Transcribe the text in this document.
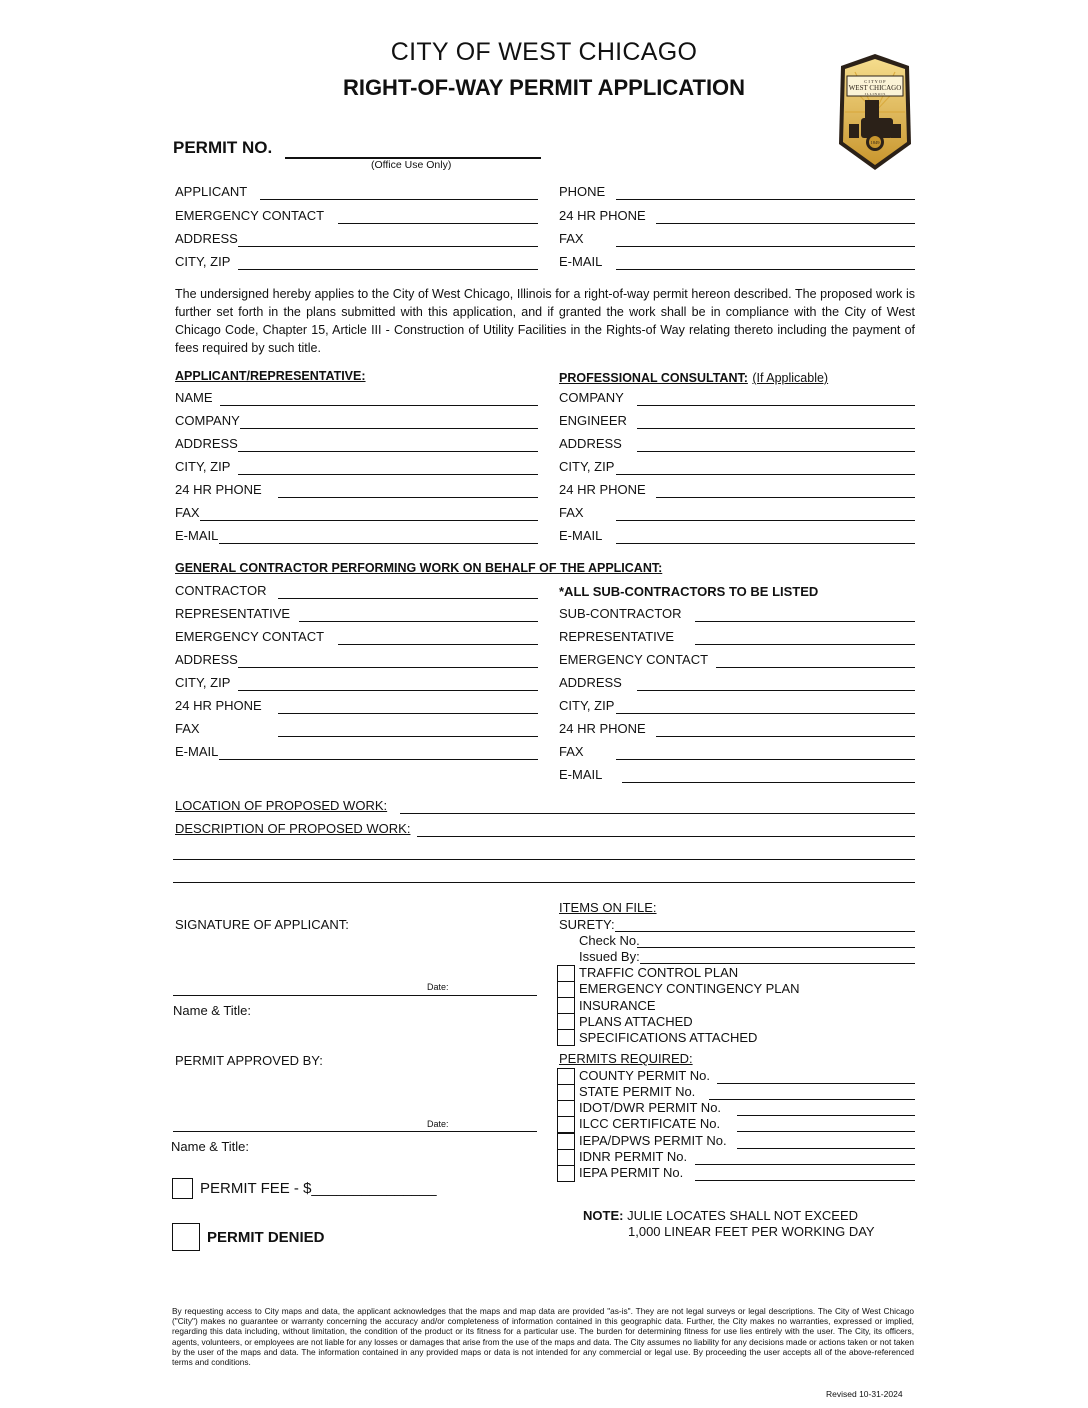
CITY OF WEST CHICAGO
RIGHT-OF-WAY PERMIT APPLICATION	C I T Y O F
WEST CHICAGO
I L L I N O I S
1849
PERMIT NO.
(Office Use Only)
APPLICANT
EMERGENCY CONTACT
ADDRESS
CITY, ZIP
PHONE
24 HR PHONE
FAX
E-MAIL
The undersigned hereby applies to the City of West Chicago, Illinois for a right-of-way permit hereon described. The proposed work is further set forth in the plans submitted with this application, and if granted the work shall be in compliance with the City of West Chicago Code, Chapter 15, Article III - Construction of Utility Facilities in the Rights-of Way relating thereto including the payment of fees required by such title.
APPLICANT/REPRESENTATIVE:
NAME
COMPANY
ADDRESS
CITY, ZIP
24 HR PHONE
FAX
E-MAIL
PROFESSIONAL CONSULTANT: (If Applicable)
COMPANY
ENGINEER
ADDRESS
CITY, ZIP
24 HR PHONE
FAX
E-MAIL
GENERAL CONTRACTOR PERFORMING WORK ON BEHALF OF THE APPLICANT:
CONTRACTOR
REPRESENTATIVE
EMERGENCY CONTACT
ADDRESS
CITY, ZIP
24 HR PHONE
FAX
E-MAIL
*ALL SUB-CONTRACTORS TO BE LISTED
SUB-CONTRACTOR
REPRESENTATIVE
EMERGENCY CONTACT
ADDRESS
CITY, ZIP
24 HR PHONE
FAX
E-MAIL
LOCATION OF PROPOSED WORK:
DESCRIPTION OF PROPOSED WORK:
SIGNATURE OF APPLICANT:
Date:
Name & Title:
PERMIT APPROVED BY:
Date:
Name & Title:
PERMIT FEE - $_______________
PERMIT DENIED
ITEMS ON FILE:
SURETY:
Check No.
Issued By:
TRAFFIC CONTROL PLAN
EMERGENCY CONTINGENCY PLAN
INSURANCE
PLANS ATTACHED
SPECIFICATIONS ATTACHED
PERMITS REQUIRED:
COUNTY PERMIT No.
STATE PERMIT No.
IDOT/DWR PERMIT No.
ILCC CERTIFICATE No.
IEPA/DPWS PERMIT No.
IDNR PERMIT No.
IEPA PERMIT No.
NOTE: JULIE LOCATES SHALL NOT EXCEED
1,000 LINEAR FEET PER WORKING DAY
By requesting access to City maps and data, the applicant acknowledges that the maps and map data are provided "as-is". They are not legal surveys or legal descriptions. The City of West Chicago ("City") makes no guarantee or warranty concerning the accuracy and/or completeness of information contained in this geographic data. Further, the City makes no warranties, expressed or implied, regarding this data including, without limitation, the condition of the product or its fitness for a particular use. The burden for determining fitness for use lies entirely with the user. The City, its officers, agents, volunteers, or employees are not liable for any losses or damages that arise from the use of the maps and data. The City assumes no liability for any decisions made or actions taken or not taken by the user of the maps and data. The information contained in any provided maps or data is not intended for any commercial or legal use. By proceeding the user accepts all of the above-referenced terms and conditions.
Revised 10-31-2024
